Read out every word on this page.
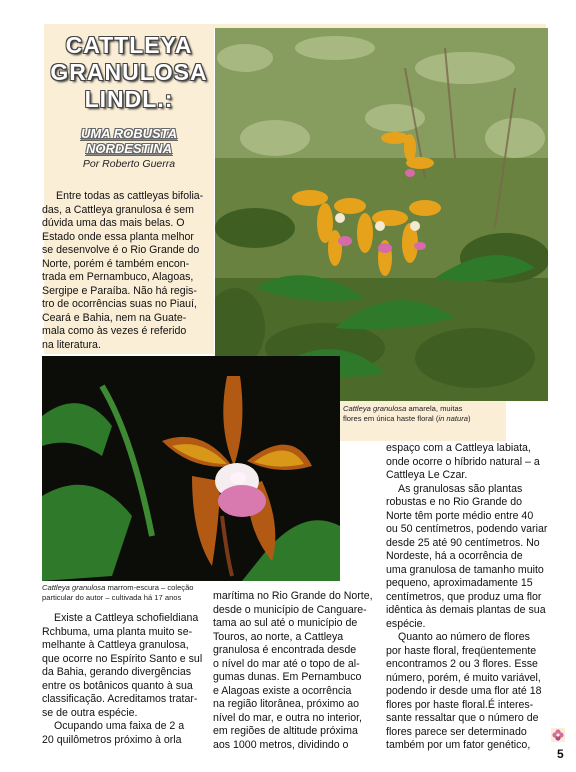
CATTLEYA
GRANULOSA
LINDL.:
UMA ROBUSTA
NORDESTINA
Por Roberto Guerra
Entre todas as cattleyas bifolia-
das, a Cattleya granulosa é sem
dúvida uma das mais belas. O
Estado onde essa planta melhor
se desenvolve é o Rio Grande do
Norte, porém é também encon-
trada em Pernambuco, Alagoas,
Sergipe e Paraíba. Não há regis-
tro de ocorrências suas no Piauí,
Ceará e Bahia, nem na Guate-
mala como às vezes é referido
na literatura.
Cattleya granulosa amarela, muitas
flores em única haste floral (in natura)
Cattleya granulosa marrom-escura – coleção
particular do autor – cultivada há 17 anos
Existe a Cattleya schofieldiana
Rchbuma, uma planta muito se-
melhante à Cattleya granulosa,
que ocorre no Espírito Santo e sul
da Bahia, gerando divergências
entre os botânicos quanto à sua
classificação. Acreditamos tratar-
se de outra espécie.
Ocupando uma faixa de 2 a
20 quilômetros próximo à orla
marítima no Rio Grande do Norte,
desde o município de Canguare-
tama ao sul até o município de
Touros, ao norte, a Cattleya
granulosa é encontrada desde
o nível do mar até o topo de al-
gumas dunas. Em Pernambuco
e Alagoas existe a ocorrência
na região litorânea, próximo ao
nível do mar, e outra no interior,
em regiões de altitude próxima
aos 1000 metros, dividindo o
espaço com a Cattleya labiata,
onde ocorre o híbrido natural – a
Cattleya Le Czar.
As granulosas são plantas
robustas e no Rio Grande do
Norte têm porte médio entre 40
ou 50 centímetros, podendo variar
desde 25 até 90 centímetros. No
Nordeste, há a ocorrência de
uma granulosa de tamanho muito
pequeno, aproximadamente 15
centímetros, que produz uma flor
idêntica às demais plantas de sua
espécie.
Quanto ao número de flores
por haste floral, freqüentemente
encontramos 2 ou 3 flores. Esse
número, porém, é muito variável,
podendo ir desde uma flor até 18
flores por haste floral.É interes-
sante ressaltar que o número de
flores parece ser determinado
também por um fator genético,
5
